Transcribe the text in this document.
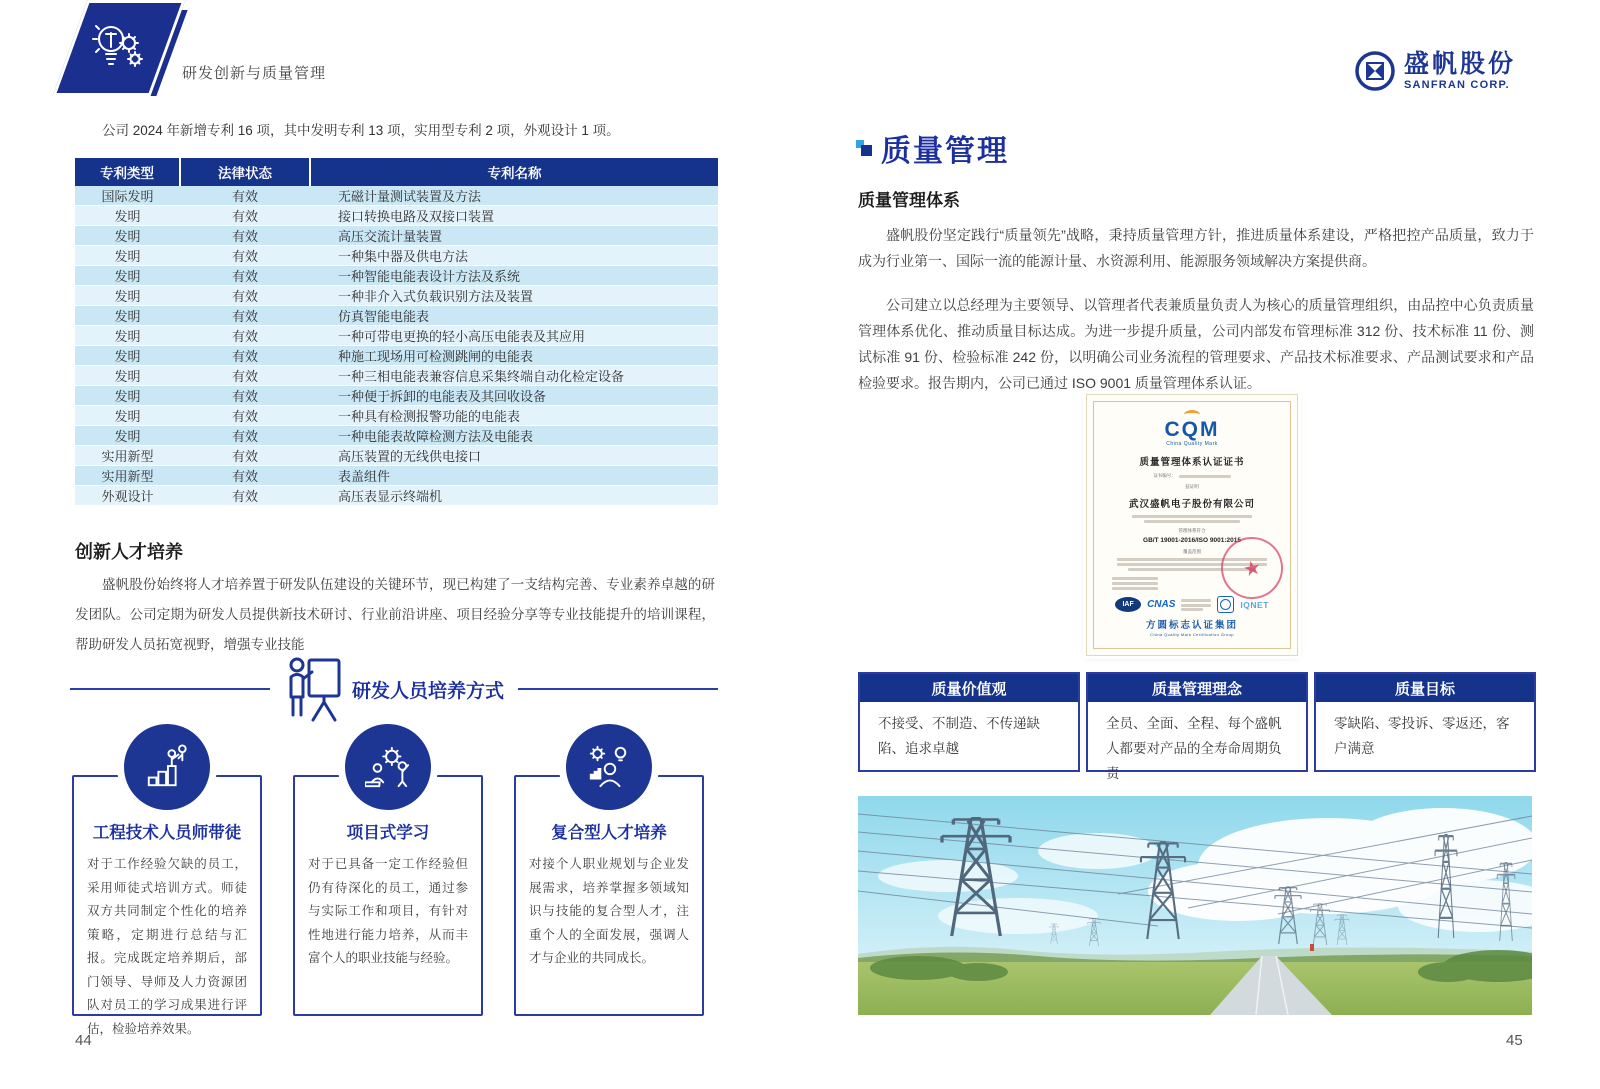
研发创新与质量管理
公司 2024 年新增专利 16 项，其中发明专利 13 项，实用型专利 2 项，外观设计 1 项。
专利类型	法律状态	专利名称
国际发明	有效	无磁计量测试装置及方法
发明	有效	接口转换电路及双接口装置
发明	有效	高压交流计量装置
发明	有效	一种集中器及供电方法
发明	有效	一种智能电能表设计方法及系统
发明	有效	一种非介入式负载识别方法及装置
发明	有效	仿真智能电能表
发明	有效	一种可带电更换的轻小高压电能表及其应用
发明	有效	种施工现场用可检测跳闸的电能表
发明	有效	一种三相电能表兼容信息采集终端自动化检定设备
发明	有效	一种便于拆卸的电能表及其回收设备
发明	有效	一种具有检测报警功能的电能表
发明	有效	一种电能表故障检测方法及电能表
实用新型	有效	高压装置的无线供电接口
实用新型	有效	表盖组件
外观设计	有效	高压表显示终端机
创新人才培养
盛帆股份始终将人才培养置于研发队伍建设的关键环节，现已构建了一支结构完善、专业素养卓越的研发团队。公司定期为研发人员提供新技术研讨、行业前沿讲座、项目经验分享等专业技能提升的培训课程，帮助研发人员拓宽视野，增强专业技能
研发人员培养方式
工程技术人员师带徒
对于工作经验欠缺的员工，采用师徒式培训方式。师徒双方共同制定个性化的培养策略，定期进行总结与汇报。完成既定培养期后，部门领导、导师及人力资源团队对员工的学习成果进行评估，检验培养效果。
项目式学习
对于已具备一定工作经验但仍有待深化的员工，通过参与实际工作和项目，有针对性地进行能力培养，从而丰富个人的职业技能与经验。
复合型人才培养
对接个人职业规划与企业发展需求，培养掌握多领域知识与技能的复合型人才，注重个人的全面发展，强调人才与企业的共同成长。
44
盛帆股份
SANFRAN CORP.
质量管理
质量管理体系
盛帆股份坚定践行“质量领先”战略，秉持质量管理方针，推进质量体系建设，严格把控产品质量，致力于成为行业第一、国际一流的能源计量、水资源利用、能源服务领域解决方案提供商。
公司建立以总经理为主要领导、以管理者代表兼质量负责人为核心的质量管理组织，由品控中心负责质量管理体系优化、推动质量目标达成。为进一步提升质量，公司内部发布管理标准 312 份、技术标准 11 份、测试标准 91 份、检验标准 242 份，以明确公司业务流程的管理要求、产品技术标准要求、产品测试要求和产品检验要求。报告期内，公司已通过 ISO 9001 质量管理体系认证。
CQM
China Quality Mark
质量管理体系认证证书
证书编号：
兹证明
武汉盛帆电子股份有限公司
管理体系符合
GB/T 19001-2016/ISO 9001:2015
覆盖范围
IAF	CNAS	IQNET
方圆标志认证集团
China Quality Mark Certification Group
★
质量价值观
不接受、不制造、不传递缺陷、追求卓越
质量管理理念
全员、全面、全程、每个盛帆人都要对产品的全寿命周期负责
质量目标
零缺陷、零投诉、零返还，客户满意
45
